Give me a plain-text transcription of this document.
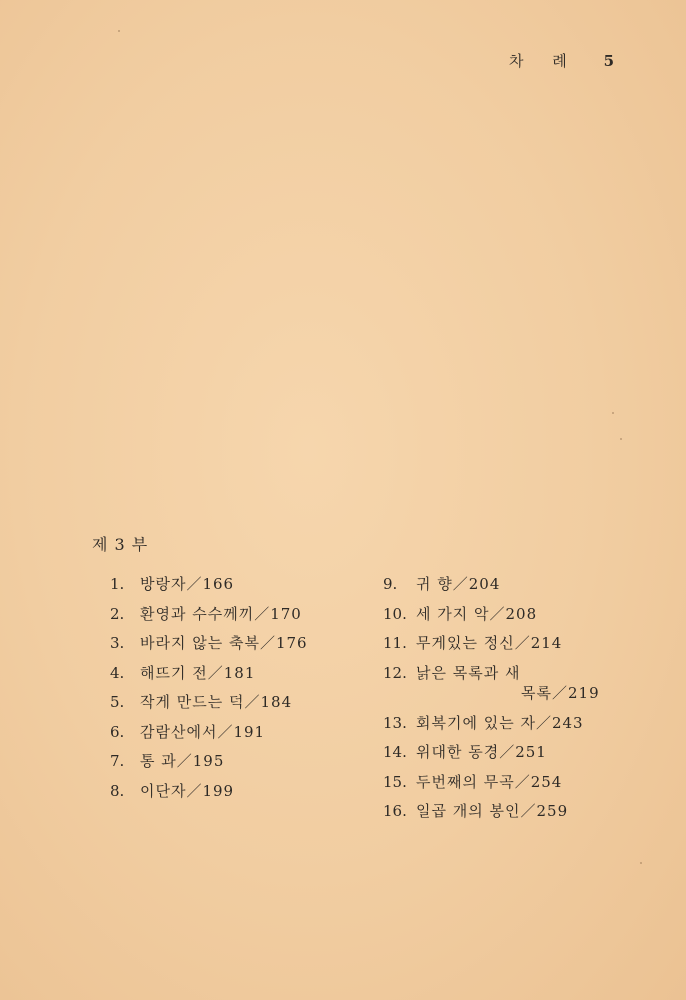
차 례 5
제 3 부
1. 방랑자／166
2. 환영과 수수께끼／170
3. 바라지 않는 축복／176
4. 해뜨기 전／181
5. 작게 만드는 덕／184
6. 감람산에서／191
7. 통 과／195
8. 이단자／199
9. 귀 향／204
10. 세 가지 악／208
11. 무게있는 정신／214
12. 낡은 목록과 새
목록／219
13. 회복기에 있는 자／243
14. 위대한 동경／251
15. 두번째의 무곡／254
16. 일곱 개의 봉인／259
